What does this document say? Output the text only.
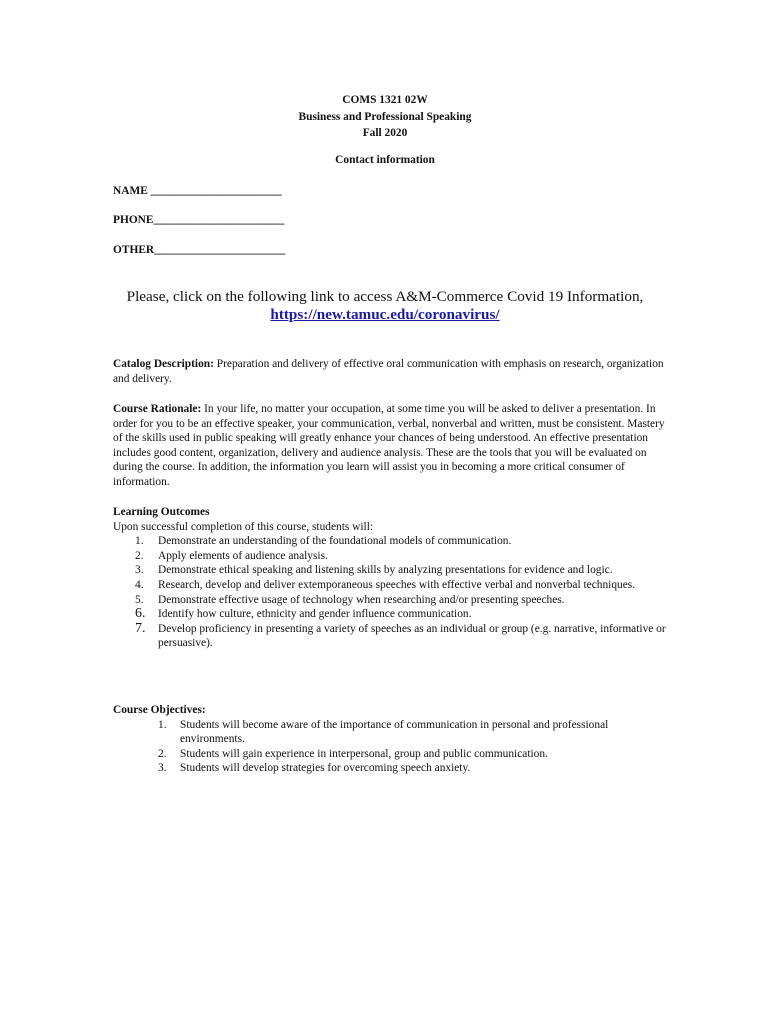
COMS 1321 02W
Business and Professional Speaking
Fall 2020
Contact information
NAME _______________________
PHONE_______________________
OTHER_______________________
Please, click on the following link to access A&M-Commerce Covid 19 Information,
https://new.tamuc.edu/coronavirus/
Catalog Description: Preparation and delivery of effective oral communication with emphasis on research, organization and delivery.
Course Rationale: In your life, no matter your occupation, at some time you will be asked to deliver a presentation. In order for you to be an effective speaker, your communication, verbal, nonverbal and written, must be consistent. Mastery of the skills used in public speaking will greatly enhance your chances of being understood. An effective presentation includes good content, organization, delivery and audience analysis. These are the tools that you will be evaluated on during the course. In addition, the information you learn will assist you in becoming a more critical consumer of information.
Learning Outcomes
Upon successful completion of this course, students will:
1. Demonstrate an understanding of the foundational models of communication.
2. Apply elements of audience analysis.
3. Demonstrate ethical speaking and listening skills by analyzing presentations for evidence and logic.
4. Research, develop and deliver extemporaneous speeches with effective verbal and nonverbal techniques.
5. Demonstrate effective usage of technology when researching and/or presenting speeches.
6. Identify how culture, ethnicity and gender influence communication.
7. Develop proficiency in presenting a variety of speeches as an individual or group (e.g. narrative, informative or persuasive).
Course Objectives:
1. Students will become aware of the importance of communication in personal and professional environments.
2. Students will gain experience in interpersonal, group and public communication.
3. Students will develop strategies for overcoming speech anxiety.
